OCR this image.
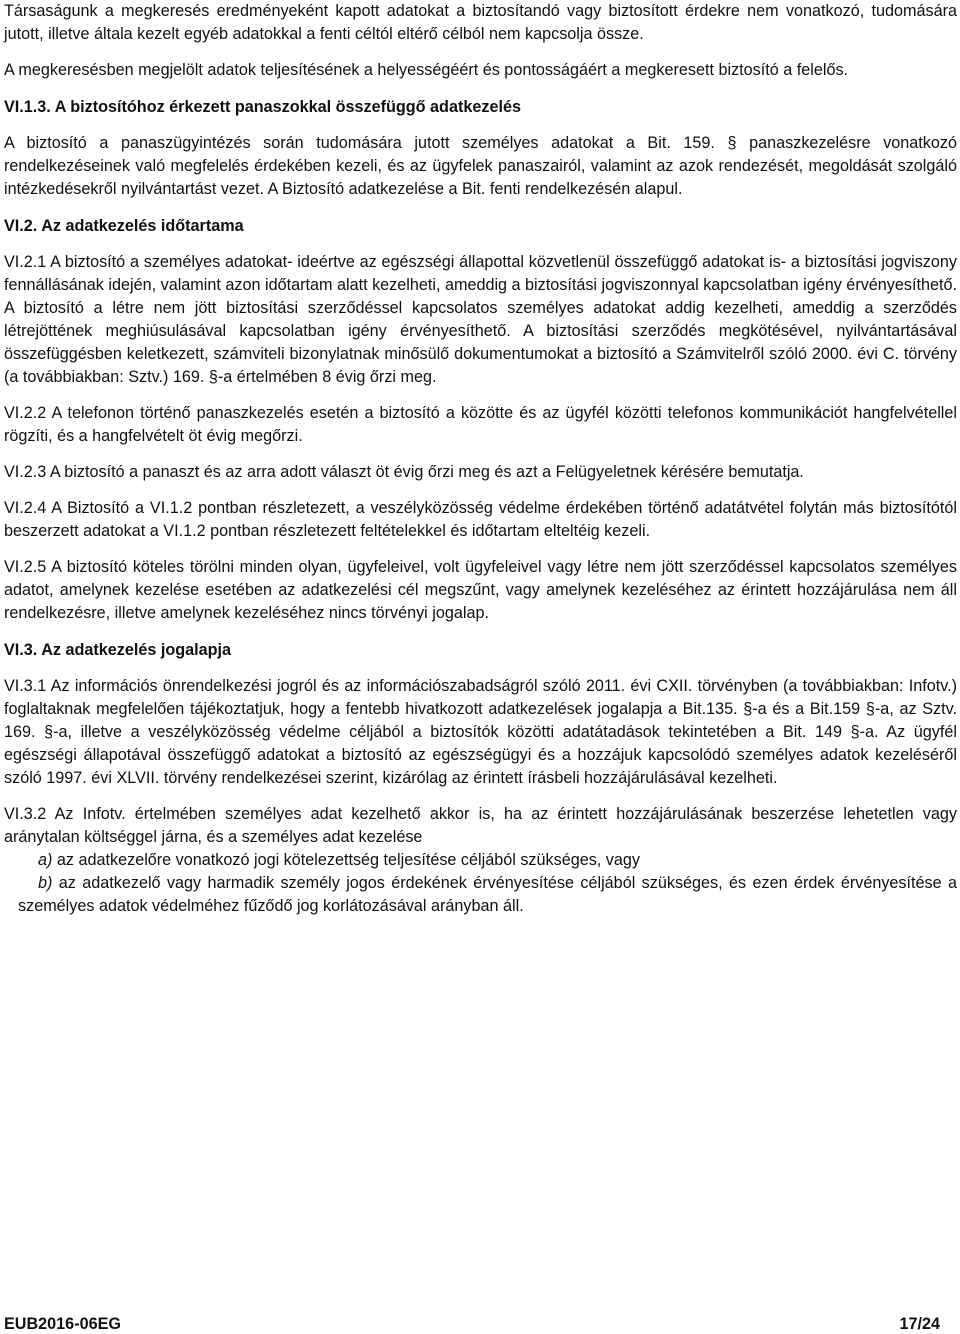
Társaságunk a megkeresés eredményeként kapott adatokat a biztosítandó vagy biztosított érdekre nem vonatkozó, tudomására jutott, illetve általa kezelt egyéb adatokkal a fenti céltól eltérő célból nem kapcsolja össze.

A megkeresésben megjelölt adatok teljesítésének a helyességéért és pontosságáért a megkeresett biztosító a felelős.

VI.1.3. A biztosítóhoz érkezett panaszokkal összefüggő adatkezelés

A biztosító a panaszügyintézés során tudomására jutott személyes adatokat a Bit. 159. § panaszkezelésre vonatkozó rendelkezéseinek való megfelelés érdekében kezeli, és az ügyfelek panaszairól, valamint az azok rendezését, megoldását szolgáló intézkedésekről nyilvántartást vezet. A Biztosító adatkezelése a Bit. fenti rendelkezésén alapul.

VI.2. Az adatkezelés időtartama

VI.2.1 A biztosító a személyes adatokat- ideértve az egészségi állapottal közvetlenül összefüggő adatokat is- a biztosítási jogviszony fennállásának idején, valamint azon időtartam alatt kezelheti, ameddig a biztosítási jogviszonnyal kapcsolatban igény érvényesíthető. A biztosító a létre nem jött biztosítási szerződéssel kapcsolatos személyes adatokat addig kezelheti, ameddig a szerződés létrejöttének meghiúsulásával kapcsolatban igény érvényesíthető. A biztosítási szerződés megkötésével, nyilvántartásával összefüggésben keletkezett, számviteli bizonylatnak minősülő dokumentumokat a biztosító a Számvitelről szóló 2000. évi C. törvény (a továbbiakban: Sztv.) 169. §-a értelmében 8 évig őrzi meg.

VI.2.2 A telefonon történő panaszkezelés esetén a biztosító a közötte és az ügyfél közötti telefonos kommunikációt hangfelvétellel rögzíti, és a hangfelvételt öt évig megőrzi.

VI.2.3 A biztosító a panaszt és az arra adott választ öt évig őrzi meg és azt a Felügyeletnek kérésére bemutatja.

VI.2.4 A Biztosító a VI.1.2 pontban részletezett, a veszélyközösség védelme érdekében történő adatátvétel folytán más biztosítótól beszerzett adatokat a VI.1.2 pontban részletezett feltételekkel és időtartam elteltéig kezeli.

VI.2.5 A biztosító köteles törölni minden olyan, ügyfeleivel, volt ügyfeleivel vagy létre nem jött szerződéssel kapcsolatos személyes adatot, amelynek kezelése esetében az adatkezelési cél megszűnt, vagy amelynek kezeléséhez az érintett hozzájárulása nem áll rendelkezésre, illetve amelynek kezeléséhez nincs törvényi jogalap.

VI.3. Az adatkezelés jogalapja

VI.3.1 Az információs önrendelkezési jogról és az információszabadságról szóló 2011. évi CXII. törvényben (a továbbiakban: Infotv.) foglaltaknak megfelelően tájékoztatjuk, hogy a fentebb hivatkozott adatkezelések jogalapja a Bit.135. §-a és a Bit.159 §-a, az Sztv. 169. §-a, illetve a veszélyközösség védelme céljából a biztosítók közötti adatátadások tekintetében a Bit. 149 §-a. Az ügyfél egészségi állapotával összefüggő adatokat a biztosító az egészségügyi és a hozzájuk kapcsolódó személyes adatok kezeléséről szóló 1997. évi XLVII. törvény rendelkezései szerint, kizárólag az érintett írásbeli hozzájárulásával kezelheti.

VI.3.2 Az Infotv. értelmében személyes adat kezelhető akkor is, ha az érintett hozzájárulásának beszerzése lehetetlen vagy aránytalan költséggel járna, és a személyes adat kezelése

a) az adatkezelőre vonatkozó jogi kötelezettség teljesítése céljából szükséges, vagy
b) az adatkezelő vagy harmadik személy jogos érdekének érvényesítése céljából szükséges, és ezen érdek érvényesítése a személyes adatok védelméhez fűződő jog korlátozásával arányban áll.
EUB2016-06EG	17/24
